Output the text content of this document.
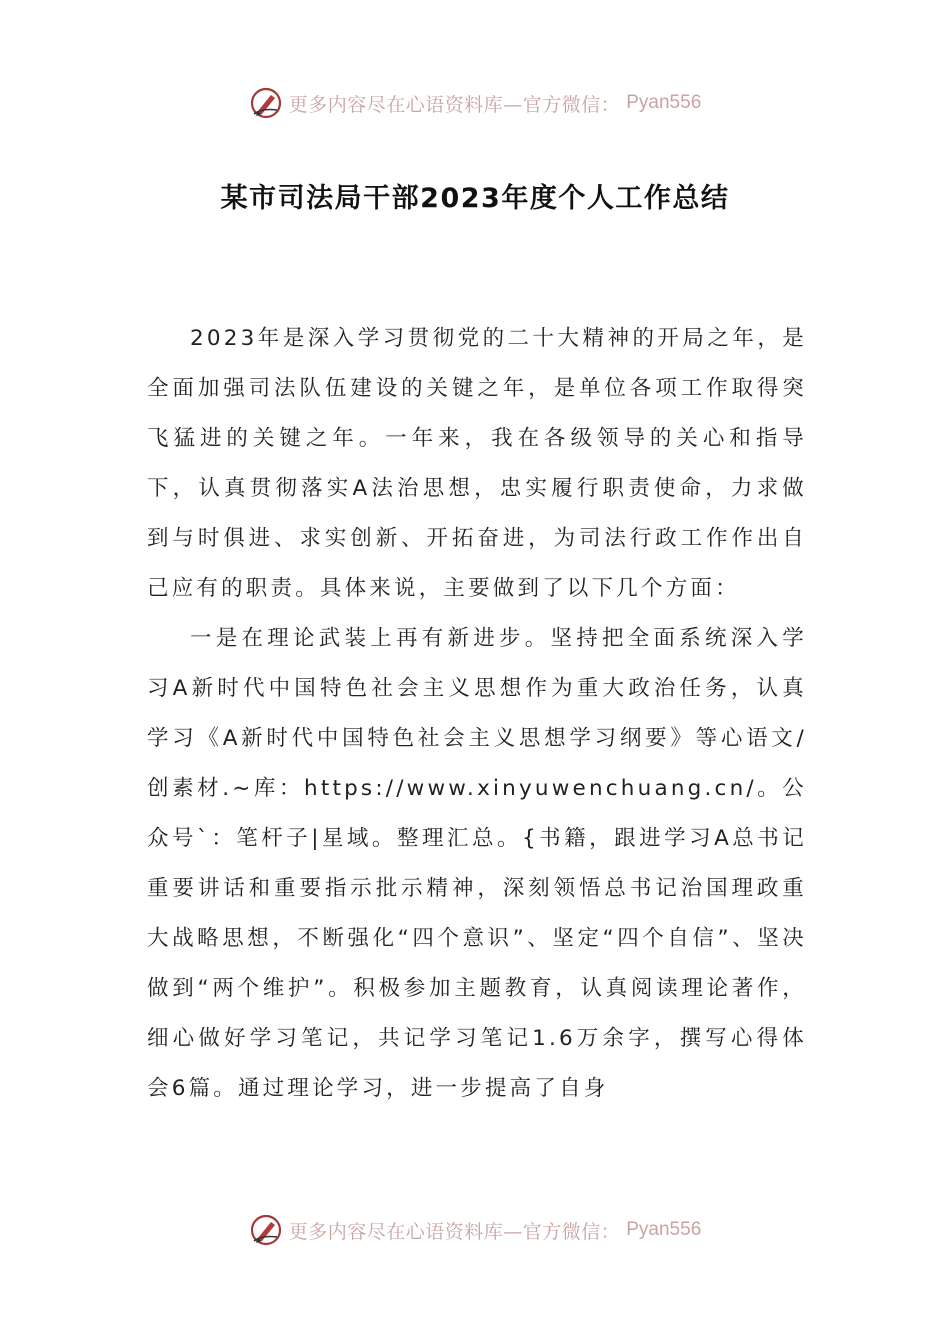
更多内容尽在心语资料库—官方微信： Pyan556
某市司法局干部2023年度个人工作总结

2023年是深入学习贯彻党的二十大精神的开局之年，是全面加强司法队伍建设的关键之年，是单位各项工作取得突飞猛进的关键之年。一年来，我在各级领导的关心和指导下，认真贯彻落实A法治思想，忠实履行职责使命，力求做到与时俱进、求实创新、开拓奋进，为司法行政工作作出自己应有的职责。具体来说，主要做到了以下几个方面：

一是在理论武装上再有新进步。坚持把全面系统深入学习A新时代中国特色社会主义思想作为重大政治任务，认真学习《A新时代中国特色社会主义思想学习纲要》等心语文/创素材.~库：https://www.xinyuwenchuang.cn/。公众号`：笔杆子|星域。整理汇总。{书籍，跟进学习A总书记重要讲话和重要指示批示精神，深刻领悟总书记治国理政重大战略思想，不断强化“四个意识”、坚定“四个自信”、坚决做到“两个维护”。积极参加主题教育，认真阅读理论著作，细心做好学习笔记，共记学习笔记1.6万余字，撰写心得体会6篇。通过理论学习，进一步提高了自身

更多内容尽在心语资料库—官方微信： Pyan556
